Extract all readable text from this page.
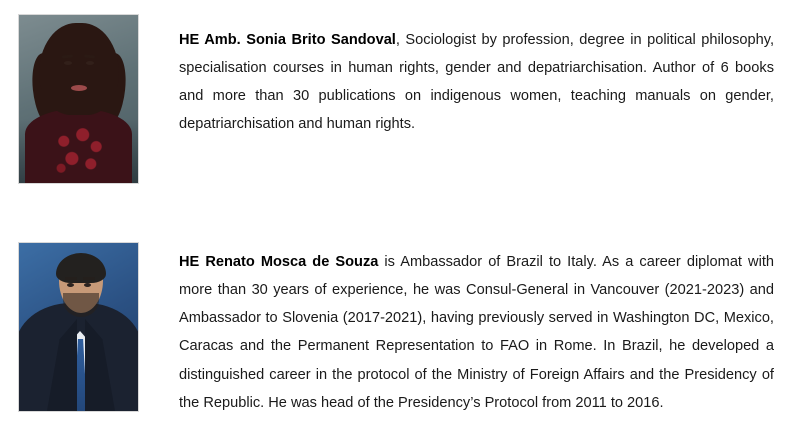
HE Amb. Sonia Brito Sandoval, Sociologist by profession, degree in political philosophy, specialisation courses in human rights, gender and depatriarchisation. Author of 6 books and more than 30 publications on indigenous women, teaching manuals on gender, depatriarchisation and human rights.
HE Renato Mosca de Souza is Ambassador of Brazil to Italy. As a career diplomat with more than 30 years of experience, he was Consul-General in Vancouver (2021-2023) and Ambassador to Slovenia (2017-2021), having previously served in Washington DC, Mexico, Caracas and the Permanent Representation to FAO in Rome. In Brazil, he developed a distinguished career in the protocol of the Ministry of Foreign Affairs and the Presidency of the Republic. He was head of the Presidency’s Protocol from 2011 to 2016.
